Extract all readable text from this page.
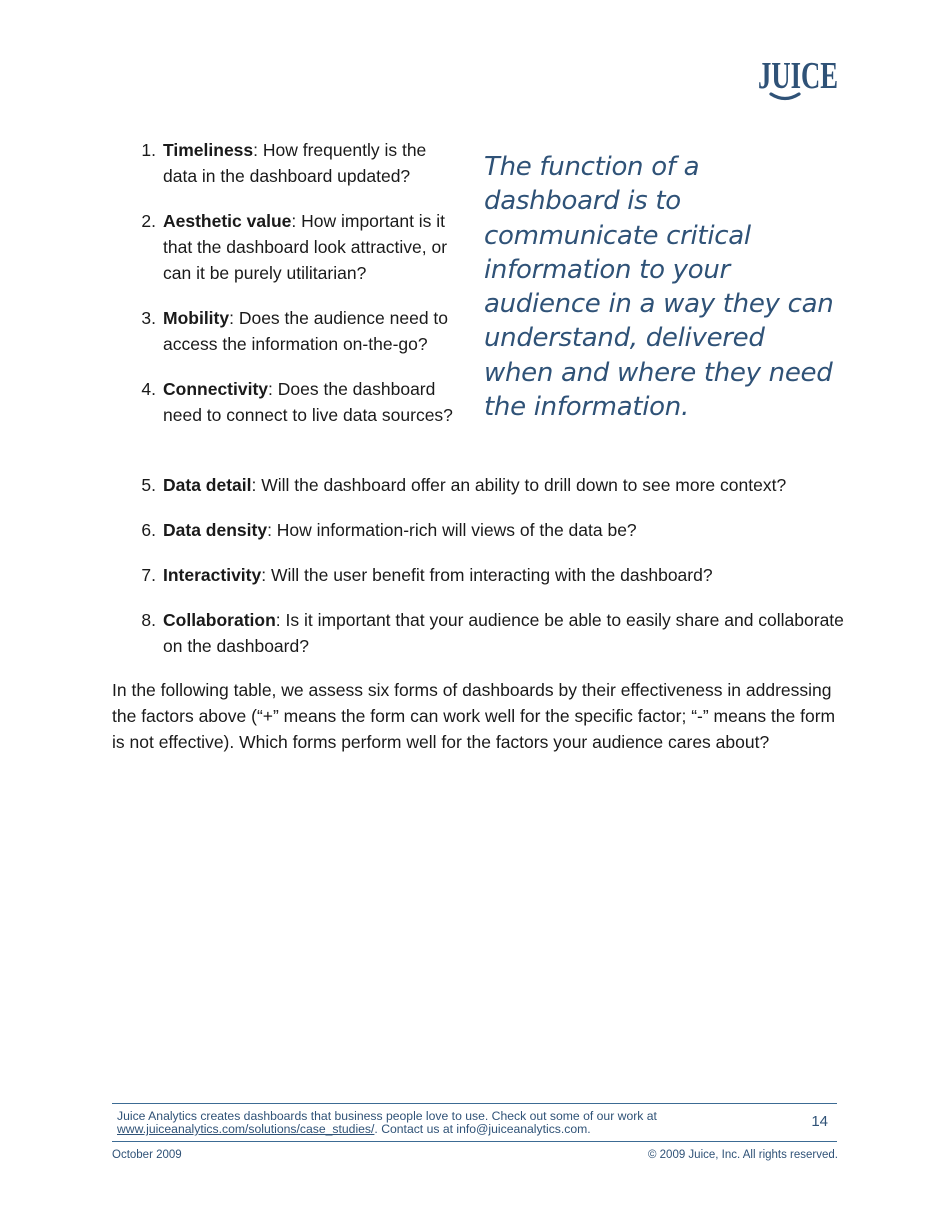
JUICE
1. Timeliness: How frequently is the data in the dashboard updated?
2. Aesthetic value: How important is it that the dashboard look attractive, or can it be purely utilitarian?
3. Mobility: Does the audience need to access the information on-the-go?
4. Connectivity: Does the dashboard need to connect to live data sources?
The function of a dashboard is to communicate critical information to your audience in a way they can understand, delivered when and where they need the information.
5. Data detail: Will the dashboard offer an ability to drill down to see more context?
6. Data density: How information-rich will views of the data be?
7. Interactivity: Will the user benefit from interacting with the dashboard?
8. Collaboration: Is it important that your audience be able to easily share and collaborate on the dashboard?
In the following table, we assess six forms of dashboards by their effectiveness in addressing the factors above (“+” means the form can work well for the specific factor; “-” means the form is not effective). Which forms perform well for the factors your audience cares about?
Juice Analytics creates dashboards that business people love to use. Check out some of our work at
www.juiceanalytics.com/solutions/case_studies/. Contact us at info@juiceanalytics.com.	14
October 2009	© 2009 Juice, Inc. All rights reserved.
